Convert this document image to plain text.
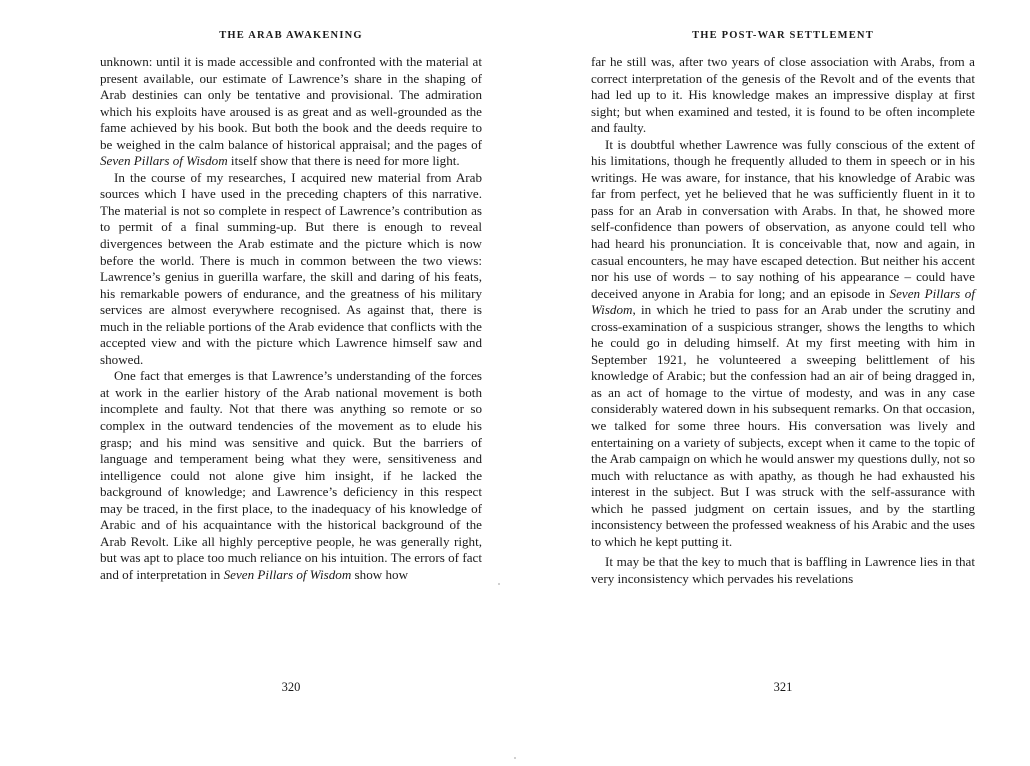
THE ARAB AWAKENING

unknown: until it is made accessible and confronted with the material at present available, our estimate of Lawrence’s share in the shaping of Arab destinies can only be tentative and provisional. The admiration which his exploits have aroused is as great and as well-grounded as the fame achieved by his book. But both the book and the deeds require to be weighed in the calm balance of historical appraisal; and the pages of Seven Pillars of Wisdom itself show that there is need for more light.

In the course of my researches, I acquired new material from Arab sources which I have used in the preceding chapters of this narrative. The material is not so complete in respect of Lawrence’s contribution as to permit of a final summing-up. But there is enough to reveal divergences between the Arab estimate and the picture which is now before the world. There is much in common between the two views: Lawrence’s genius in guerilla warfare, the skill and daring of his feats, his remarkable powers of endurance, and the greatness of his military services are almost everywhere recognised. As against that, there is much in the reliable portions of the Arab evidence that conflicts with the accepted view and with the picture which Lawrence himself saw and showed.

One fact that emerges is that Lawrence’s understanding of the forces at work in the earlier history of the Arab national movement is both incomplete and faulty. Not that there was anything so remote or so complex in the outward tendencies of the movement as to elude his grasp; and his mind was sensitive and quick. But the barriers of language and temperament being what they were, sensitiveness and intelligence could not alone give him insight, if he lacked the background of knowledge; and Lawrence’s deficiency in this respect may be traced, in the first place, to the inadequacy of his knowledge of Arabic and of his acquaintance with the historical background of the Arab Revolt. Like all highly perceptive people, he was generally right, but was apt to place too much reliance on his intuition. The errors of fact and of interpretation in Seven Pillars of Wisdom show how

320
THE POST-WAR SETTLEMENT

far he still was, after two years of close association with Arabs, from a correct interpretation of the genesis of the Revolt and of the events that had led up to it. His knowledge makes an impressive display at first sight; but when examined and tested, it is found to be often incomplete and faulty.

It is doubtful whether Lawrence was fully conscious of the extent of his limitations, though he frequently alluded to them in speech or in his writings. He was aware, for instance, that his knowledge of Arabic was far from perfect, yet he believed that he was sufficiently fluent in it to pass for an Arab in conversation with Arabs. In that, he showed more self-confidence than powers of observation, as anyone could tell who had heard his pronunciation. It is conceivable that, now and again, in casual encounters, he may have escaped detection. But neither his accent nor his use of words – to say nothing of his appearance – could have deceived anyone in Arabia for long; and an episode in Seven Pillars of Wisdom, in which he tried to pass for an Arab under the scrutiny and cross-examination of a suspicious stranger, shows the lengths to which he could go in deluding himself. At my first meeting with him in September 1921, he volunteered a sweeping belittlement of his knowledge of Arabic; but the confession had an air of being dragged in, as an act of homage to the virtue of modesty, and was in any case considerably watered down in his subsequent remarks. On that occasion, we talked for some three hours. His conversation was lively and entertaining on a variety of subjects, except when it came to the topic of the Arab campaign on which he would answer my questions dully, not so much with reluctance as with apathy, as though he had exhausted his interest in the subject. But I was struck with the self-assurance with which he passed judgment on certain issues, and by the startling inconsistency between the professed weakness of his Arabic and the uses to which he kept putting it.

It may be that the key to much that is baffling in Lawrence lies in that very inconsistency which pervades his revelations

321
